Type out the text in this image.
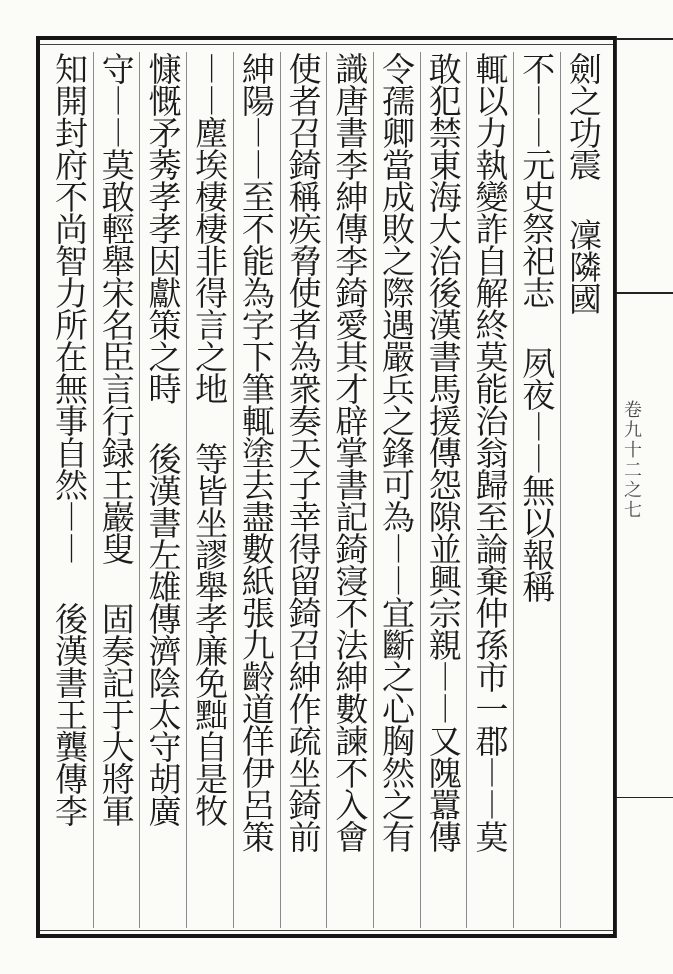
劍之功震 凜隣國
不︱︱元史祭祀志 夙夜︱︱無以報稱
輒以力執變詐自解終莫能治翁歸至論棄仲孫市一郡︱︱莫
敢犯禁東海大治後漢書馬援傳怨隙並興宗親︱︱又隗囂傳
令孺卿當成敗之際遇嚴兵之鋒可為︱︱宜斷之心胸然之有
識唐書李紳傳李錡愛其才辟掌書記錡寖不法紳數諫不入會
使者召錡稱疾脅使者為衆奏天子幸得留錡召紳作疏坐錡前
紳陽︱︱至不能為字下筆輒塗去盡數紙張九齡道佯伊呂策
︱︱塵埃棲棲非得言之地 等皆坐謬舉孝廉免黜自是牧
慷慨矛莠孝孝因獻策之時 後漢書左雄傳濟陰太守胡廣
守︱︱莫敢輕舉宋名臣言行録王巖叟 固奏記于大將軍
知開封府不尚智力所在無事自然︱︱ 後漢書王龔傳李	卷九十二之七
